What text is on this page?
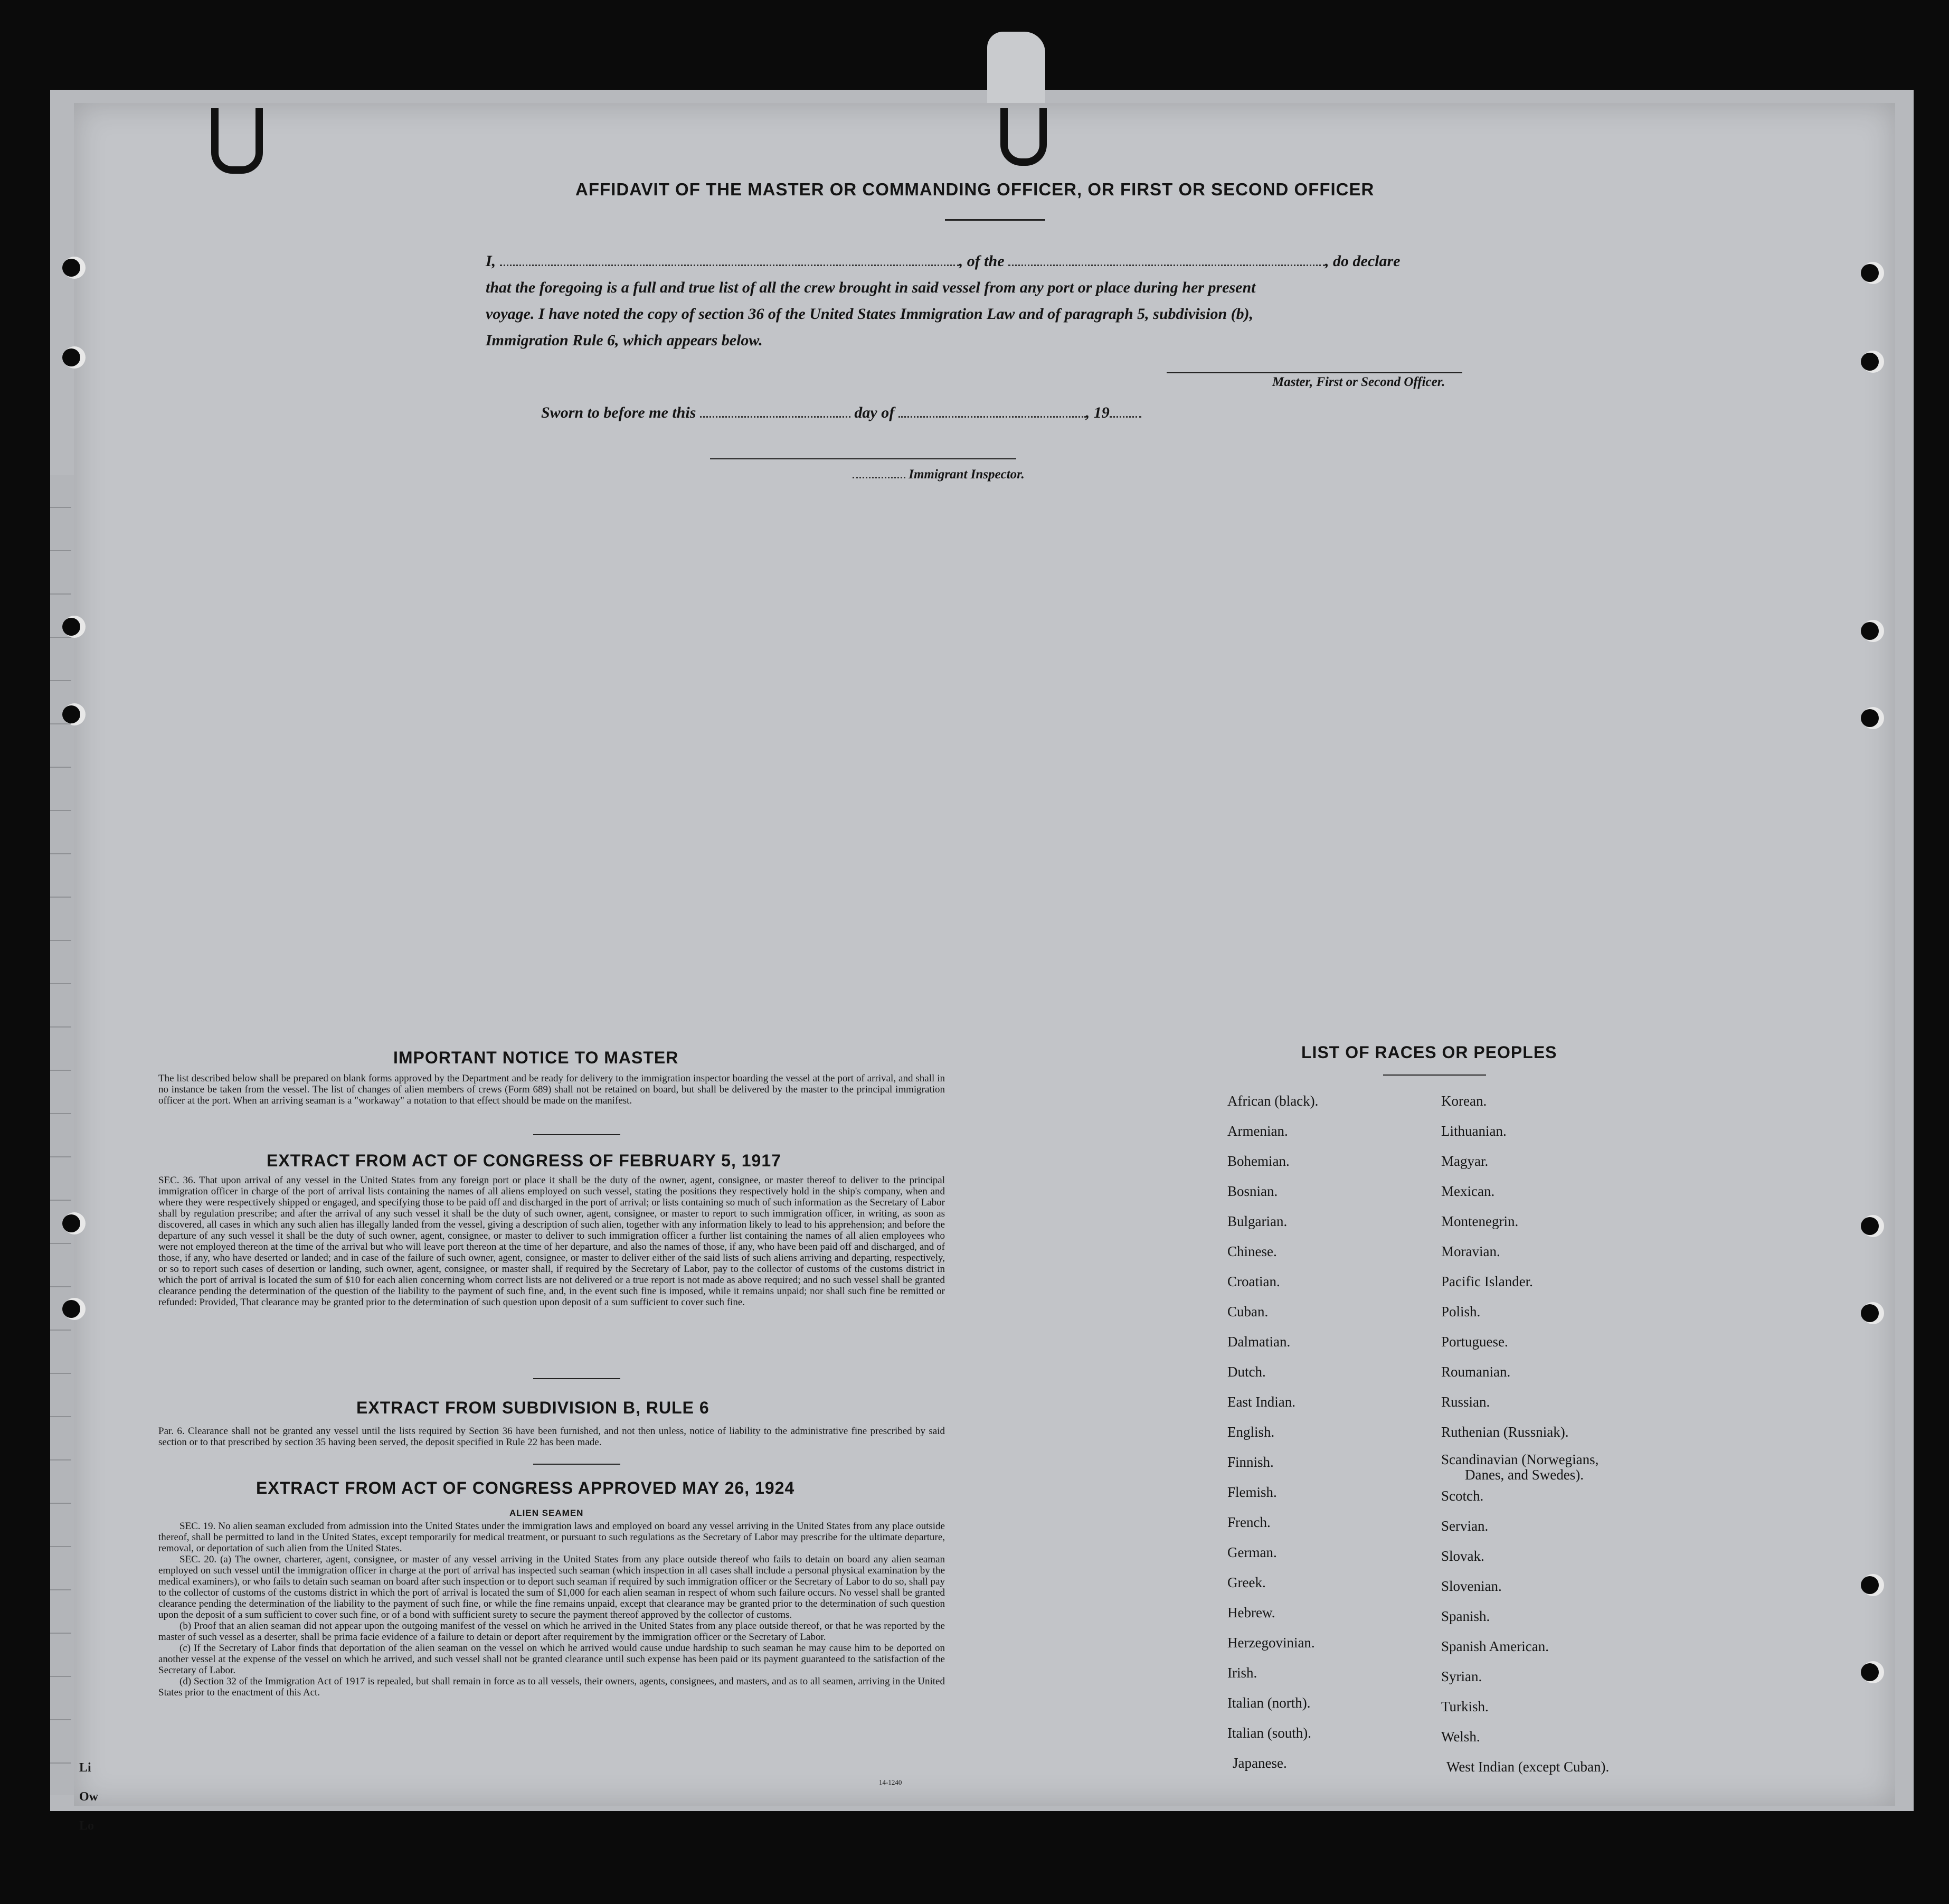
Li
Ow
Lo
AFFIDAVIT OF THE MASTER OR COMMANDING OFFICER, OR FIRST OR SECOND OFFICER
I,	, of the	, do declare
that the foregoing is a full and true list of all the crew brought in said vessel from any port or place during her present
voyage. I have noted the copy of section 36 of the United States Immigration Law and of paragraph 5, subdivision (b),
Immigration Rule 6, which appears below.
Master, First or Second Officer.
Sworn to before me this	day of	, 19
Immigrant Inspector.
IMPORTANT NOTICE TO MASTER
The list described below shall be prepared on blank forms approved by the Department and be ready for delivery to the immigration inspector boarding the vessel at the port of arrival, and shall in no instance be taken from the vessel. The list of changes of alien members of crews (Form 689) shall not be retained on board, but shall be delivered by the master to the principal immigration officer at the port. When an arriving seaman is a "workaway" a notation to that effect should be made on the manifest.
EXTRACT FROM ACT OF CONGRESS OF FEBRUARY 5, 1917
SEC. 36. That upon arrival of any vessel in the United States from any foreign port or place it shall be the duty of the owner, agent, consignee, or master thereof to deliver to the principal immigration officer in charge of the port of arrival lists containing the names of all aliens employed on such vessel, stating the positions they respectively hold in the ship's company, when and where they were respectively shipped or engaged, and specifying those to be paid off and discharged in the port of arrival; or lists containing so much of such information as the Secretary of Labor shall by regulation prescribe; and after the arrival of any such vessel it shall be the duty of such owner, agent, consignee, or master to report to such immigration officer, in writing, as soon as discovered, all cases in which any such alien has illegally landed from the vessel, giving a description of such alien, together with any information likely to lead to his apprehension; and before the departure of any such vessel it shall be the duty of such owner, agent, consignee, or master to deliver to such immigration officer a further list containing the names of all alien employees who were not employed thereon at the time of the arrival but who will leave port thereon at the time of her departure, and also the names of those, if any, who have been paid off and discharged, and of those, if any, who have deserted or landed; and in case of the failure of such owner, agent, consignee, or master to deliver either of the said lists of such aliens arriving and departing, respectively, or so to report such cases of desertion or landing, such owner, agent, consignee, or master shall, if required by the Secretary of Labor, pay to the collector of customs of the customs district in which the port of arrival is located the sum of $10 for each alien concerning whom correct lists are not delivered or a true report is not made as above required; and no such vessel shall be granted clearance pending the determination of the question of the liability to the payment of such fine, and, in the event such fine is imposed, while it remains unpaid; nor shall such fine be remitted or refunded: Provided, That clearance may be granted prior to the determination of such question upon deposit of a sum sufficient to cover such fine.
EXTRACT FROM SUBDIVISION B, RULE 6
Par. 6. Clearance shall not be granted any vessel until the lists required by Section 36 have been furnished, and not then unless, notice of liability to the administrative fine prescribed by said section or to that prescribed by section 35 having been served, the deposit specified in Rule 22 has been made.
EXTRACT FROM ACT OF CONGRESS APPROVED MAY 26, 1924
ALIEN SEAMEN
SEC. 19. No alien seaman excluded from admission into the United States under the immigration laws and employed on board any vessel arriving in the United States from any place outside thereof, shall be permitted to land in the United States, except temporarily for medical treatment, or pursuant to such regulations as the Secretary of Labor may prescribe for the ultimate departure, removal, or deportation of such alien from the United States.
SEC. 20. (a) The owner, charterer, agent, consignee, or master of any vessel arriving in the United States from any place outside thereof who fails to detain on board any alien seaman employed on such vessel until the immigration officer in charge at the port of arrival has inspected such seaman (which inspection in all cases shall include a personal physical examination by the medical examiners), or who fails to detain such seaman on board after such inspection or to deport such seaman if required by such immigration officer or the Secretary of Labor to do so, shall pay to the collector of customs of the customs district in which the port of arrival is located the sum of $1,000 for each alien seaman in respect of whom such failure occurs. No vessel shall be granted clearance pending the determination of the liability to the payment of such fine, or while the fine remains unpaid, except that clearance may be granted prior to the determination of such question upon the deposit of a sum sufficient to cover such fine, or of a bond with sufficient surety to secure the payment thereof approved by the collector of customs.
(b) Proof that an alien seaman did not appear upon the outgoing manifest of the vessel on which he arrived in the United States from any place outside thereof, or that he was reported by the master of such vessel as a deserter, shall be prima facie evidence of a failure to detain or deport after requirement by the immigration officer or the Secretary of Labor.
(c) If the Secretary of Labor finds that deportation of the alien seaman on the vessel on which he arrived would cause undue hardship to such seaman he may cause him to be deported on another vessel at the expense of the vessel on which he arrived, and such vessel shall not be granted clearance until such expense has been paid or its payment guaranteed to the satisfaction of the Secretary of Labor.
(d) Section 32 of the Immigration Act of 1917 is repealed, but shall remain in force as to all vessels, their owners, agents, consignees, and masters, and as to all seamen, arriving in the United States prior to the enactment of this Act.
14-1240
LIST OF RACES OR PEOPLES
African (black).
Armenian.
Bohemian.
Bosnian.
Bulgarian.
Chinese.
Croatian.
Cuban.
Dalmatian.
Dutch.
East Indian.
English.
Finnish.
Flemish.
French.
German.
Greek.
Hebrew.
Herzegovinian.
Irish.
Italian (north).
Italian (south).
Japanese.
Korean.
Lithuanian.
Magyar.
Mexican.
Montenegrin.
Moravian.
Pacific Islander.
Polish.
Portuguese.
Roumanian.
Russian.
Ruthenian (Russniak).
Scandinavian (Norwegians,
Danes, and Swedes).
Scotch.
Servian.
Slovak.
Slovenian.
Spanish.
Spanish American.
Syrian.
Turkish.
Welsh.
West Indian (except Cuban).
